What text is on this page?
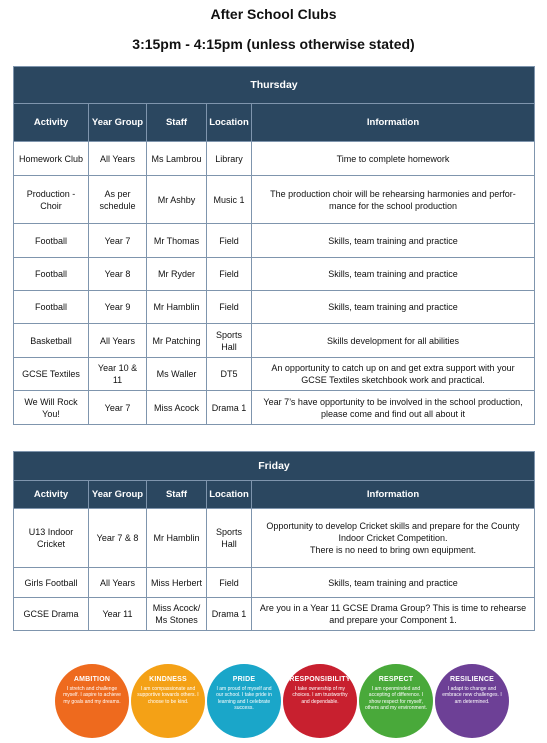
After School Clubs
3:15pm - 4:15pm (unless otherwise stated)
Thursday				
Activity	Year Group	Staff	Location	Information
Homework Club	All Years	Ms Lambrou	Library	Time to complete homework
Production -
Choir	As per
schedule	Mr Ashby	Music 1	The production choir will be rehearsing harmonies and perfor-
mance for the school production
Football	Year 7	Mr Thomas	Field	Skills, team training and practice
Football	Year 8	Mr Ryder	Field	Skills, team training and practice
Football	Year 9	Mr Hamblin	Field	Skills, team training and practice
Basketball	All Years	Mr Patching	Sports
Hall	Skills development for all abilities
GCSE Textiles	Year 10 &
11	Ms Waller	DT5	An opportunity to catch up on and get extra support with your
GCSE Textiles sketchbook work and practical.
We Will Rock
You!	Year 7	Miss Acock	Drama 1	Year 7’s have opportunity to be involved in the school production,
please come and find out all about it
Friday				
Activity	Year Group	Staff	Location	Information
U13 Indoor
Cricket	Year 7 & 8	Mr Hamblin	Sports
Hall	Opportunity to develop Cricket skills and prepare for the County
Indoor Cricket Competition.
There is no need to bring own equipment.
Girls Football	All Years	Miss Herbert	Field	Skills, team training and practice
GCSE Drama	Year 11	Miss Acock/
Ms Stones	Drama 1	Are you in a Year 11 GCSE Drama Group? This is time to rehearse
and prepare your Component 1.
AMBITION
I stretch and challenge myself. I aspire to achieve my goals and my dreams.
KINDNESS
I am compassionate and supportive towards others. I choose to be kind.
PRIDE
I am proud of myself and our school. I take pride in learning and I celebrate success.
RESPONSIBILITY
I take ownership of my choices. I am trustworthy and dependable.
RESPECT
I am openminded and accepting of difference. I show respect for myself, others and my environment.
RESILIENCE
I adapt to change and embrace new challenges. I am determined.
